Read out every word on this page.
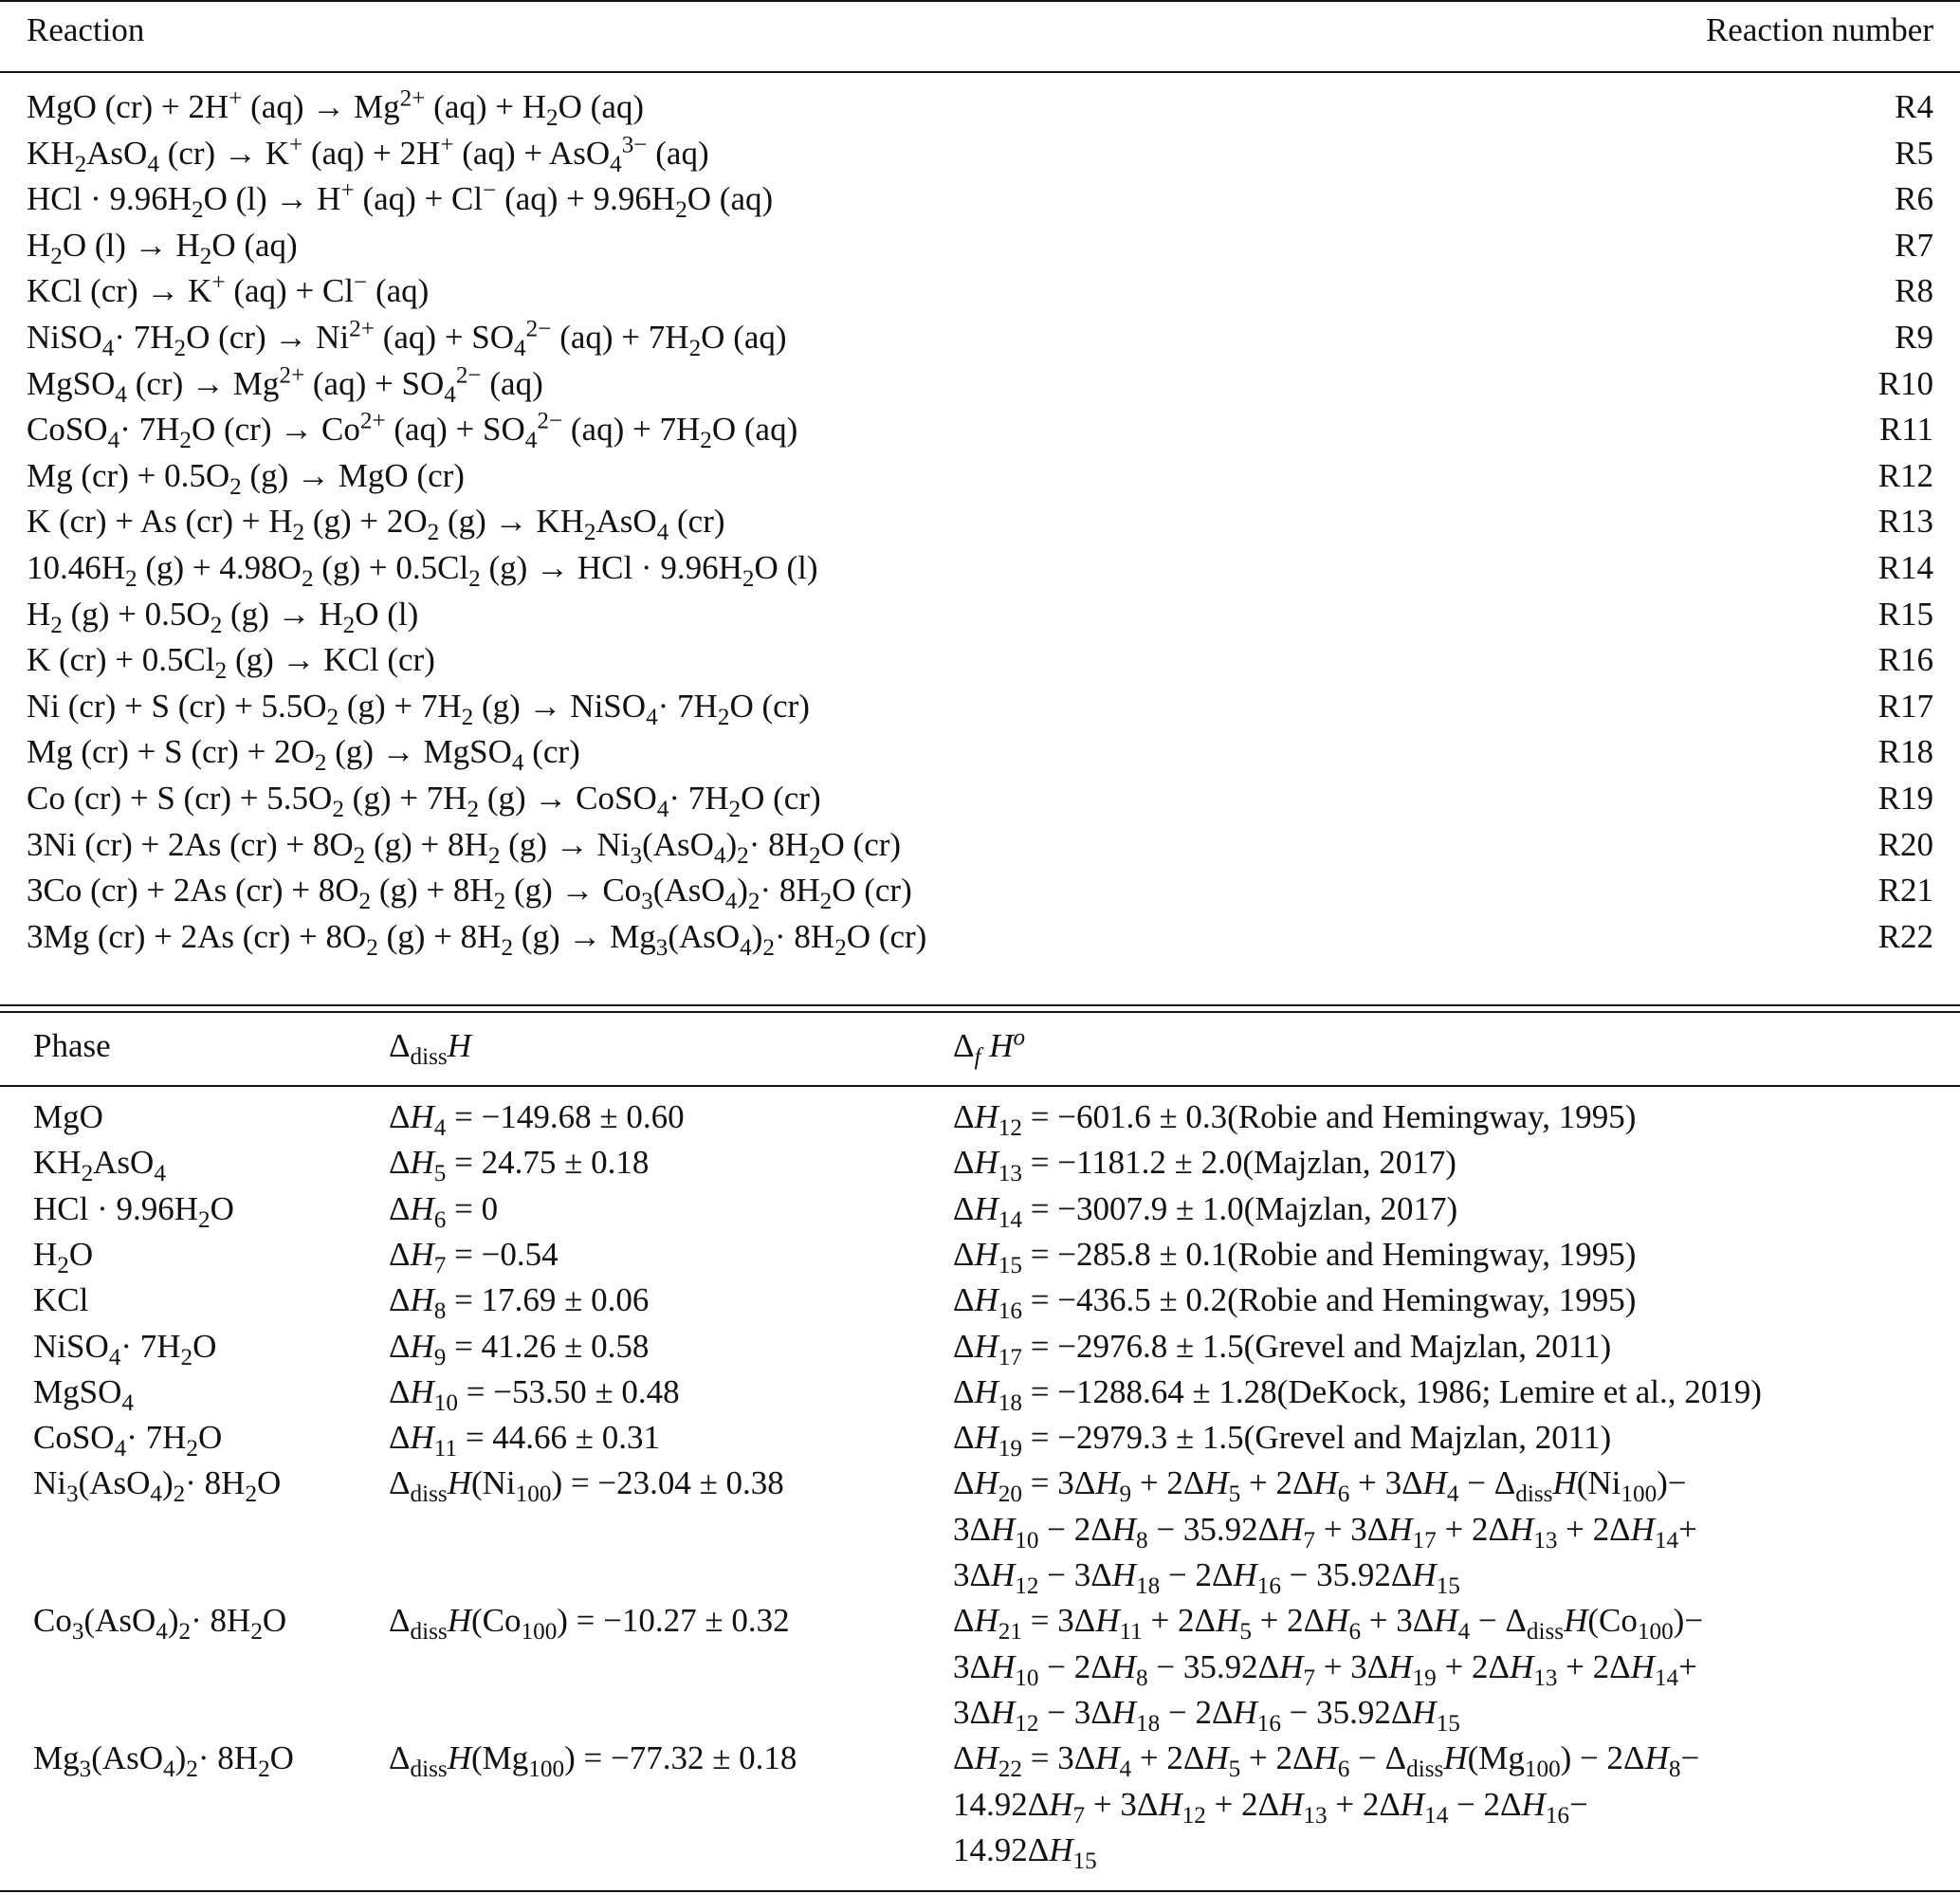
Reaction	Reaction number
MgO (cr) + 2H+ $(aq) \to Mg^{2+}$ $(aq) + H_2O$ (aq)	R4
$KH_2AsO_4$ (cr) → K+ (aq) + 2H+ (aq) + AsO$_4^{3-}$ (aq)	R5
HCl · $9.96H_2O$ (l) → H+ (aq) + Cl− $(aq) + 9.96H_2O$ (aq)	R6
$H_2O$ $(l) \to H_2O$ (aq)	R7
KCl (cr) → K+ (aq) + Cl− (aq)	R8
NiSO$_4$· $7H_2O$ $(cr) \to Ni^{2+}$ $(aq) + SO_4^{2-}$ $(aq) + 7H_2O$ (aq)	R9
MgSO$_4$ $(cr) \to Mg^{2+}$ $(aq) + SO_4^{2-}$ (aq)	R10
CoSO$_4$· $7H_2O$ $(cr) \to Co^{2+}$ $(aq) + SO_4^{2-}$ $(aq) + 7H_2O$ (aq)	R11
Mg $(cr) + 0.5O_2$ (g) → MgO (cr)	R12
K (cr) + As $(cr) + H_2$ $(g) + 2O_2$ $(g) \to KH_2AsO_4$ (cr)	R13
$10.46H_2$ $(g) + 4.98O_2$ $(g) + 0.5Cl_2$ (g) → HCl · $9.96H_2O$ (l)	R14
$H_2$ $(g) + 0.5O_2$ $(g) \to H_2O$ (l)	R15
K $(cr) + 0.5Cl_2$ (g) → KCl (cr)	R16
Ni (cr) + S $(cr) + 5.5O_2$ $(g) + 7H_2$ (g) → NiSO$_4$· $7H_2O$ (cr)	R17
Mg (cr) + S $(cr) + 2O_2$ (g) → MgSO$_4$ (cr)	R18
Co (cr) + S $(cr) + 5.5O_2$ $(g) + 7H_2$ (g) → CoSO$_4$· $7H_2O$ (cr)	R19
3Ni (cr) + 2As $(cr) + 8O_2$ $(g) + 8H_2$ $(g) \to Ni_3(AsO_4)_2\cdot 8H_2O$ (cr)	R20
3Co (cr) + 2As $(cr) + 8O_2$ $(g) + 8H_2$ $(g) \to Co_3(AsO_4)_2\cdot 8H_2O$ (cr)	R21
3Mg (cr) + 2As $(cr) + 8O_2$ $(g) + 8H_2$ $(g) \to Mg_3(AsO_4)_2\cdot 8H_2O$ (cr)	R22
Phase	$\Delta_{diss}H$	$\Delta_f$ $H^o$
MgO	$\Delta H_4 = -149.68 \pm 0.60$	$\Delta H_{12} = -601.6$ ± 0.3(Robie and Hemingway, 1995)
$KH_2AsO_4$	$\Delta H_5 = 24.75 \pm 0.18$	$\Delta H_{13} = -1181.2$ ± 2.0(Majzlan, 2017)
HCl · $9.96H_2O$	$\Delta H_6 = 0$	$\Delta H_{14} = -3007.9$ ± 1.0(Majzlan, 2017)
$H_2O$	$\Delta H_7 = -0.54$	$\Delta H_{15} = -285.8$ ± 0.1(Robie and Hemingway, 1995)
KCl	$\Delta H_8 = 17.69 \pm 0.06$	$\Delta H_{16} = -436.5$ ± 0.2(Robie and Hemingway, 1995)
NiSO$_4$· $7H_2O$	$\Delta H_9 = 41.26 \pm 0.58$	$\Delta H_{17} = -2976.8$ ± 1.5(Grevel and Majzlan, 2011)
MgSO$_4$	$\Delta H_{10} = -53.50 \pm 0.48$	$\Delta H_{18} = -1288.64$ ± 1.28(DeKock, 1986; Lemire et al., 2019)
CoSO$_4$· $7H_2O$	$\Delta H_{11} = 44.66 \pm 0.31$	$\Delta H_{19} = -2979.3$ ± 1.5(Grevel and Majzlan, 2011)
$Ni_3(AsO_4)_2\cdot 8H_2O$	$\Delta_{diss}H(Ni_{100}) = -23.04 \pm 0.38$	$\Delta H_{20} = 3\Delta H_9 + 2\Delta H_5 + 2\Delta H_6 + 3\Delta H_4 - \Delta_{diss}H(Ni_{100})-$
$3\Delta H_{10} - 2\Delta H_8 - 35.92\Delta H_7 + 3\Delta H_{17} + 2\Delta H_{13} + 2\Delta H_{14}+$
$3\Delta H_{12} - 3\Delta H_{18} - 2\Delta H_{16} - 35.92\Delta H_{15}$
$Co_3(AsO_4)_2\cdot 8H_2O$	$\Delta_{diss}H(Co_{100}) = -10.27 \pm 0.32$	$\Delta H_{21} = 3\Delta H_{11} + 2\Delta H_5 + 2\Delta H_6 + 3\Delta H_4 - \Delta_{diss}H(Co_{100})-$
$3\Delta H_{10} - 2\Delta H_8 - 35.92\Delta H_7 + 3\Delta H_{19} + 2\Delta H_{13} + 2\Delta H_{14}+$
$3\Delta H_{12} - 3\Delta H_{18} - 2\Delta H_{16} - 35.92\Delta H_{15}$
$Mg_3(AsO_4)_2\cdot 8H_2O$	$\Delta_{diss}H(Mg_{100}) = -77.32 \pm 0.18$	$\Delta H_{22} = 3\Delta H_4 + 2\Delta H_5 + 2\Delta H_6 - \Delta_{diss}H(Mg_{100}) - 2\Delta H_8-$
$14.92\Delta H_7 + 3\Delta H_{12} + 2\Delta H_{13} + 2\Delta H_{14} - 2\Delta H_{16}-$
$14.92\Delta H_{15}$
